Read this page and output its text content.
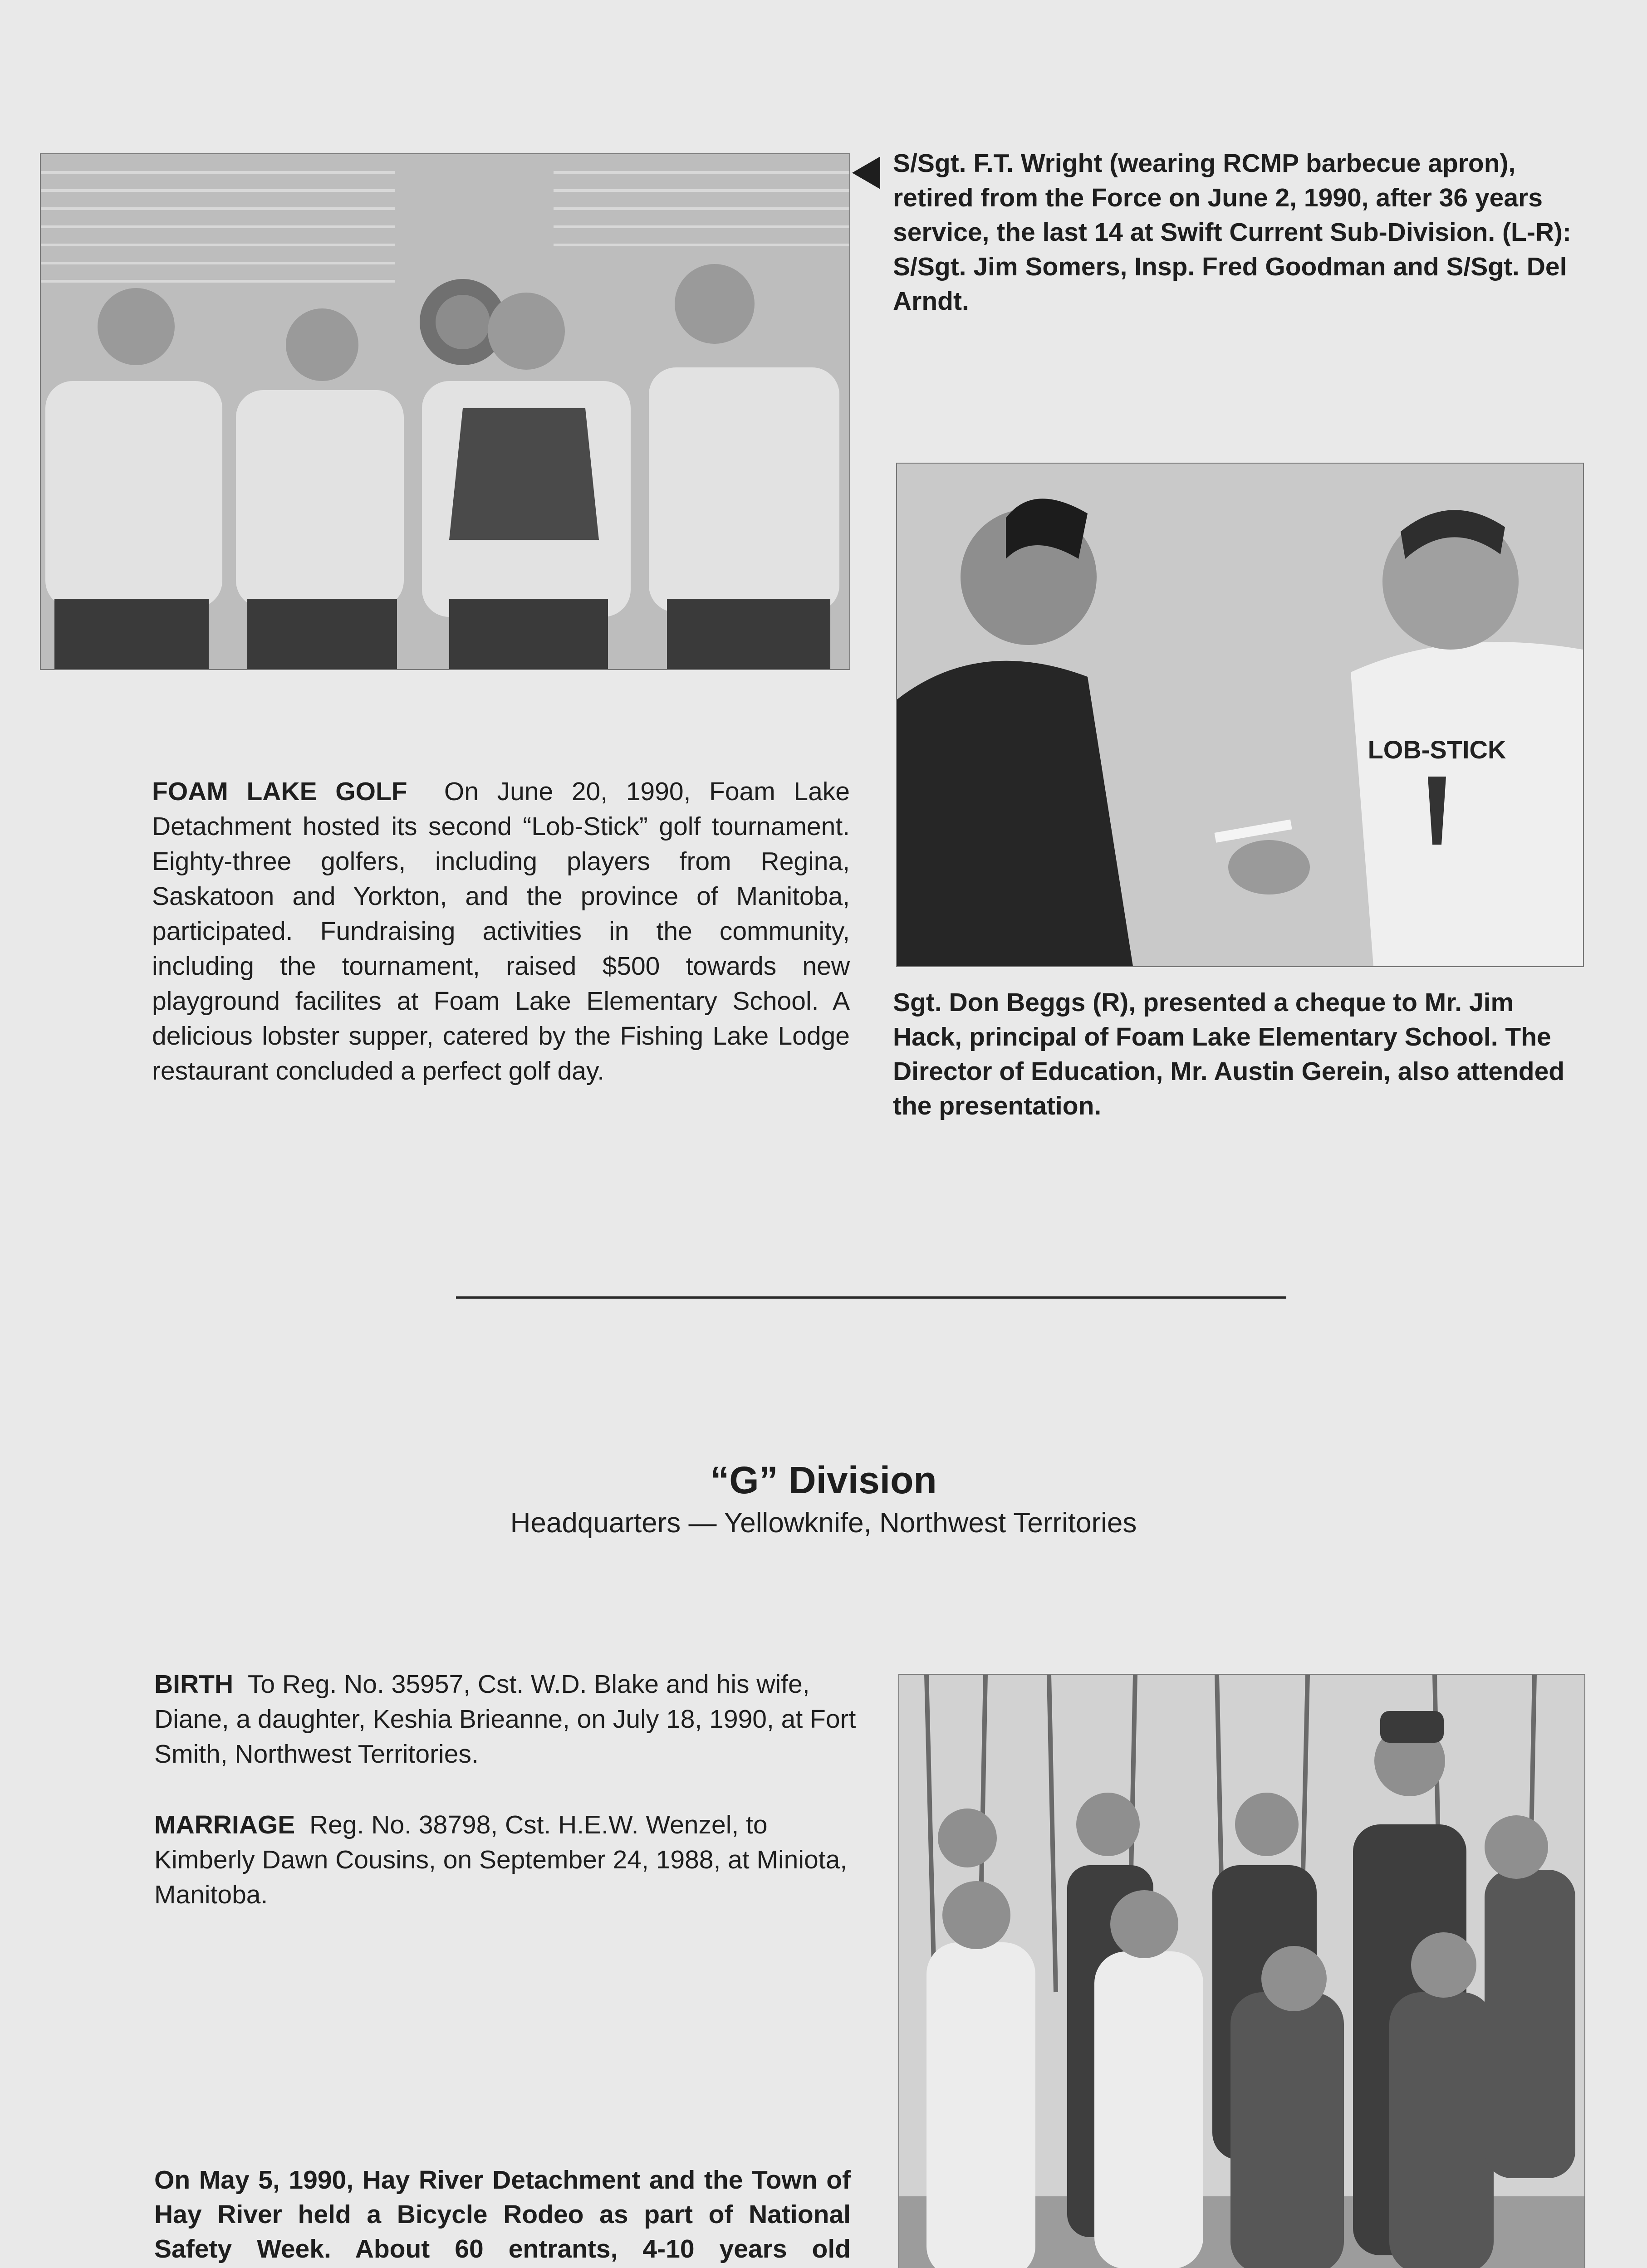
S/Sgt. F.T. Wright (wearing RCMP barbecue apron), retired from the Force on June 2, 1990, after 36 years service, the last 14 at Swift Current Sub-Division. (L-R): S/Sgt. Jim Somers, Insp. Fred Goodman and S/Sgt. Del Arndt.
LOB-STICK
FOAM LAKE GOLF On June 20, 1990, Foam Lake Detachment hosted its second “Lob-Stick” golf tournament. Eighty-three golfers, including players from Regina, Saskatoon and Yorkton, and the province of Manitoba, participated. Fundraising activities in the community, including the tournament, raised $500 towards new playground facilites at Foam Lake Elementary School. A delicious lobster supper, catered by the Fishing Lake Lodge restaurant concluded a perfect golf day.
Sgt. Don Beggs (R), presented a cheque to Mr. Jim Hack, principal of Foam Lake Elementary School. The Director of Education, Mr. Austin Gerein, also attended the presentation.
“G” Division
Headquarters — Yellowknife, Northwest Territories
BIRTH To Reg. No. 35957, Cst. W.D. Blake and his wife, Diane, a daughter, Keshia Brieanne, on July 18, 1990, at Fort Smith, Northwest Territories.
MARRIAGE Reg. No. 38798, Cst. H.E.W. Wenzel, to Kimberly Dawn Cousins, on September 24, 1988, at Miniota, Manitoba.
On May 5, 1990, Hay River Detachment and the Town of Hay River held a Bicycle Rodeo as part of National Safety Week. About 60 entrants, 4-10 years old
